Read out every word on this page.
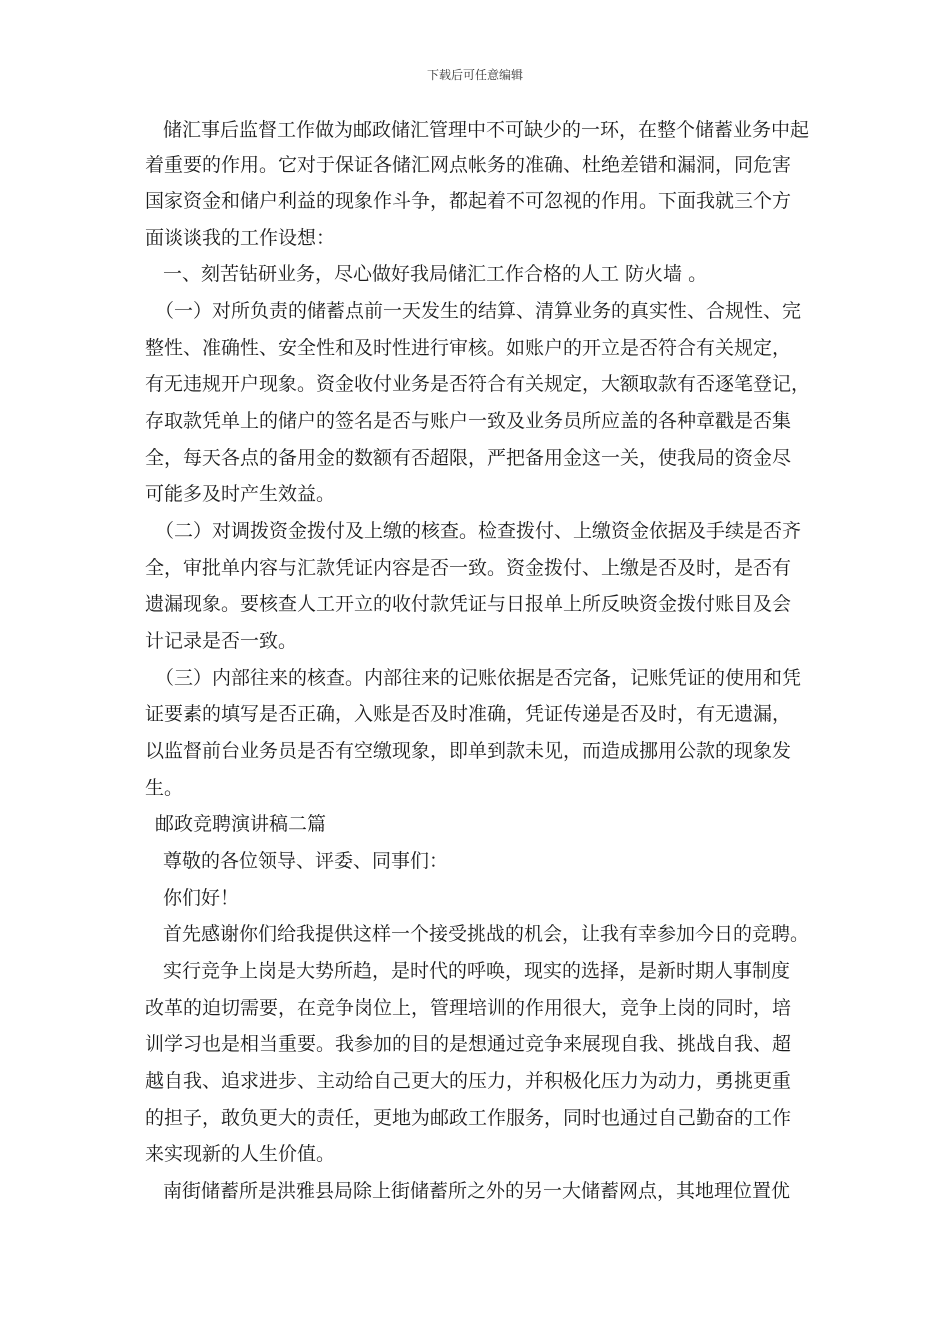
下载后可任意编辑
储汇事后监督工作做为邮政储汇管理中不可缺少的一环，在整个储蓄业务中起
着重要的作用。它对于保证各储汇网点帐务的准确、杜绝差错和漏洞，同危害
国家资金和储户利益的现象作斗争，都起着不可忽视的作用。下面我就三个方
面谈谈我的工作设想：
一、刻苦钻研业务，尽心做好我局储汇工作合格的人工 防火墙 。
（一）对所负责的储蓄点前一天发生的结算、清算业务的真实性、合规性、完
整性、准确性、安全性和及时性进行审核。如账户的开立是否符合有关规定，
有无违规开户现象。资金收付业务是否符合有关规定，大额取款有否逐笔登记，
存取款凭单上的储户的签名是否与账户一致及业务员所应盖的各种章戳是否集
全，每天各点的备用金的数额有否超限，严把备用金这一关，使我局的资金尽
可能多及时产生效益。
（二）对调拨资金拨付及上缴的核查。检查拨付、上缴资金依据及手续是否齐
全，审批单内容与汇款凭证内容是否一致。资金拨付、上缴是否及时，是否有
遗漏现象。要核查人工开立的收付款凭证与日报单上所反映资金拨付账目及会
计记录是否一致。
（三）内部往来的核查。内部往来的记账依据是否完备，记账凭证的使用和凭
证要素的填写是否正确，入账是否及时准确，凭证传递是否及时，有无遗漏，
以监督前台业务员是否有空缴现象，即单到款未见，而造成挪用公款的现象发
生。
邮政竞聘演讲稿二篇
尊敬的各位领导、评委、同事们：
你们好！
首先感谢你们给我提供这样一个接受挑战的机会，让我有幸参加今日的竞聘。
实行竞争上岗是大势所趋，是时代的呼唤，现实的选择，是新时期人事制度
改革的迫切需要，在竞争岗位上，管理培训的作用很大，竞争上岗的同时，培
训学习也是相当重要。我参加的目的是想通过竞争来展现自我、挑战自我、超
越自我、追求进步、主动给自己更大的压力，并积极化压力为动力，勇挑更重
的担子，敢负更大的责任，更地为邮政工作服务，同时也通过自己勤奋的工作
来实现新的人生价值。
南街储蓄所是洪雅县局除上街储蓄所之外的另一大储蓄网点，其地理位置优
